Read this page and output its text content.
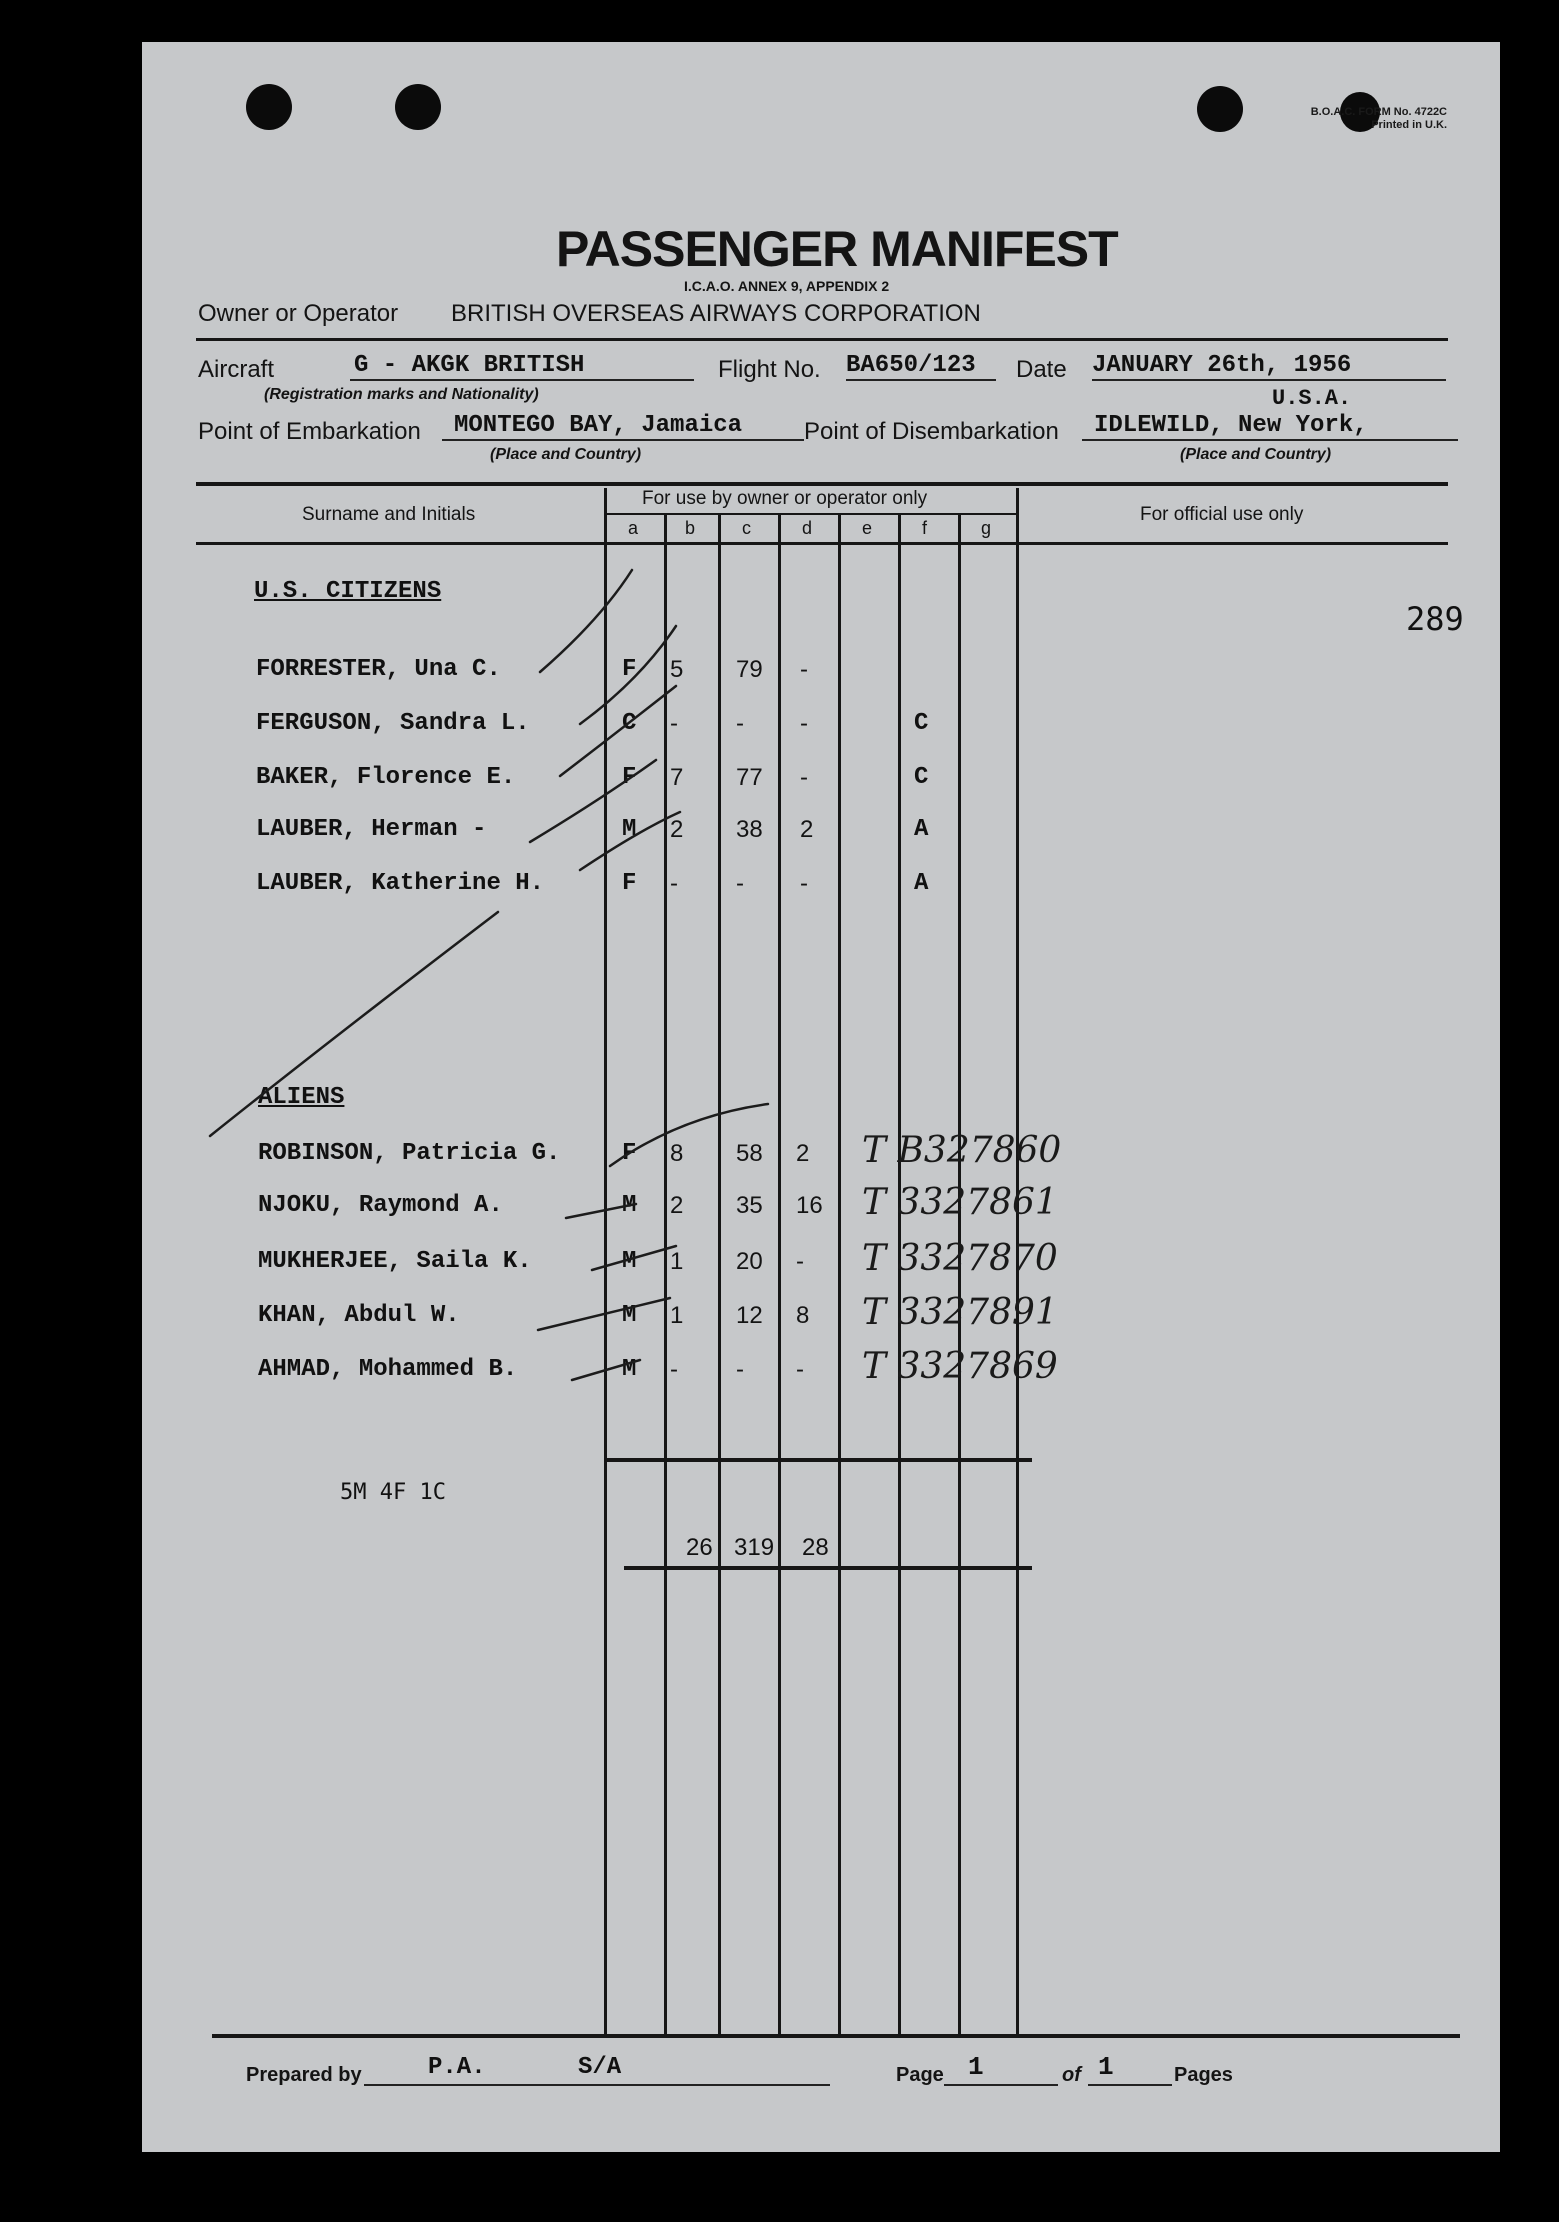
B.O.A.C. FORM No. 4722C
Printed in U.K.
PASSENGER MANIFEST
I.C.A.O. ANNEX 9, APPENDIX 2
Owner or Operator BRITISH OVERSEAS AIRWAYS CORPORATION
Aircraft	G - AKGK BRITISH
(Registration marks and Nationality)
Flight No. BA650/123	Date JANUARY 26th, 1956
U.S.A.
Point of Embarkation	MONTEGO BAY, Jamaica
(Place and Country)
Point of Disembarkation	IDLEWILD, New York,
(Place and Country)
Surname and Initials
For use by owner or operator only
For official use only
a	b	c	d	e	f	g
U.S. CITIZENS
289
FORRESTER, Una C.	F 5 79 -
FERGUSON, Sandra L.	C - - -	C
BAKER, Florence E.	F 7 77 -	C
LAUBER, Herman -	M 2 38 2	A
LAUBER, Katherine H.	F - - -	A
ALIENS
ROBINSON, Patricia G.	F 8 58 2 T B327860
NJOKU, Raymond A.	M 2 35 16 T 3327861
MUKHERJEE, Saila K.	M 1 20 - T 3327870
KHAN, Abdul W.	M 1 12 8 T 3327891
AHMAD, Mohammed B.	M - - - T 3327869
5M 4F 1C
26 319 28
Prepared by	P.A.	S/A	Page 1	of 1	Pages
